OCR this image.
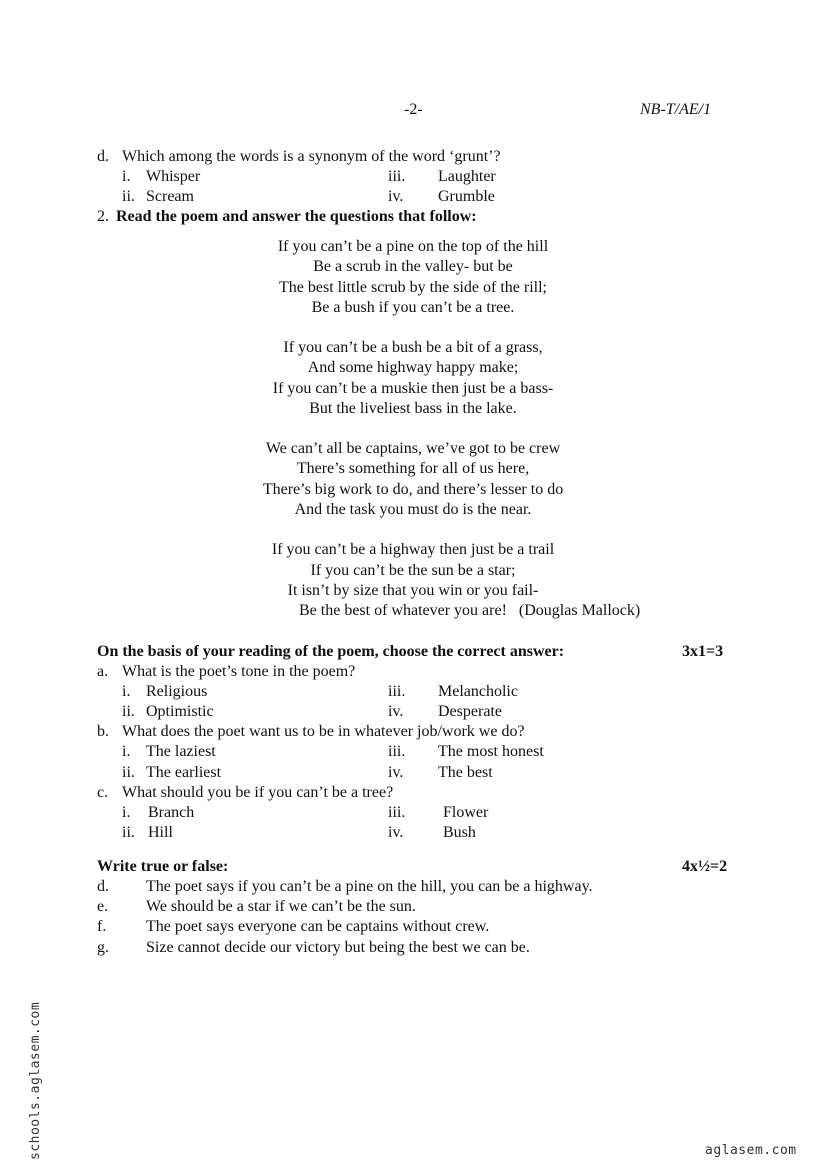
-2-	NB-T/AE/1
d. Which among the words is a synonym of the word ‘grunt’?
i. Whisper	iii. Laughter
ii. Scream	iv. Grumble
2. Read the poem and answer the questions that follow:
If you can’t be a pine on the top of the hill
Be a scrub in the valley- but be
The best little scrub by the side of the rill;
Be a bush if you can’t be a tree.
If you can’t be a bush be a bit of a grass,
And some highway happy make;
If you can’t be a muskie then just be a bass-
But the liveliest bass in the lake.
We can’t all be captains, we’ve got to be crew
There’s something for all of us here,
There’s big work to do, and there’s lesser to do
And the task you must do is the near.
If you can’t be a highway then just be a trail
If you can’t be the sun be a star;
It isn’t by size that you win or you fail-
Be the best of whatever you are!   (Douglas Mallock)
On the basis of your reading of the poem, choose the correct answer:	3x1=3
a. What is the poet’s tone in the poem?
i. Religious	iii. Melancholic
ii. Optimistic	iv. Desperate
b. What does the poet want us to be in whatever job/work we do?
i. The laziest	iii. The most honest
ii. The earliest	iv. The best
c. What should you be if you can’t be a tree?
i. Branch	iii. Flower
ii. Hill	iv. Bush
Write true or false:	4x½=2
d. The poet says if you can’t be a pine on the hill, you can be a highway.
e. We should be a star if we can’t be the sun.
f. The poet says everyone can be captains without crew.
g. Size cannot decide our victory but being the best we can be.
schools.aglasem.com	aglasem.com
